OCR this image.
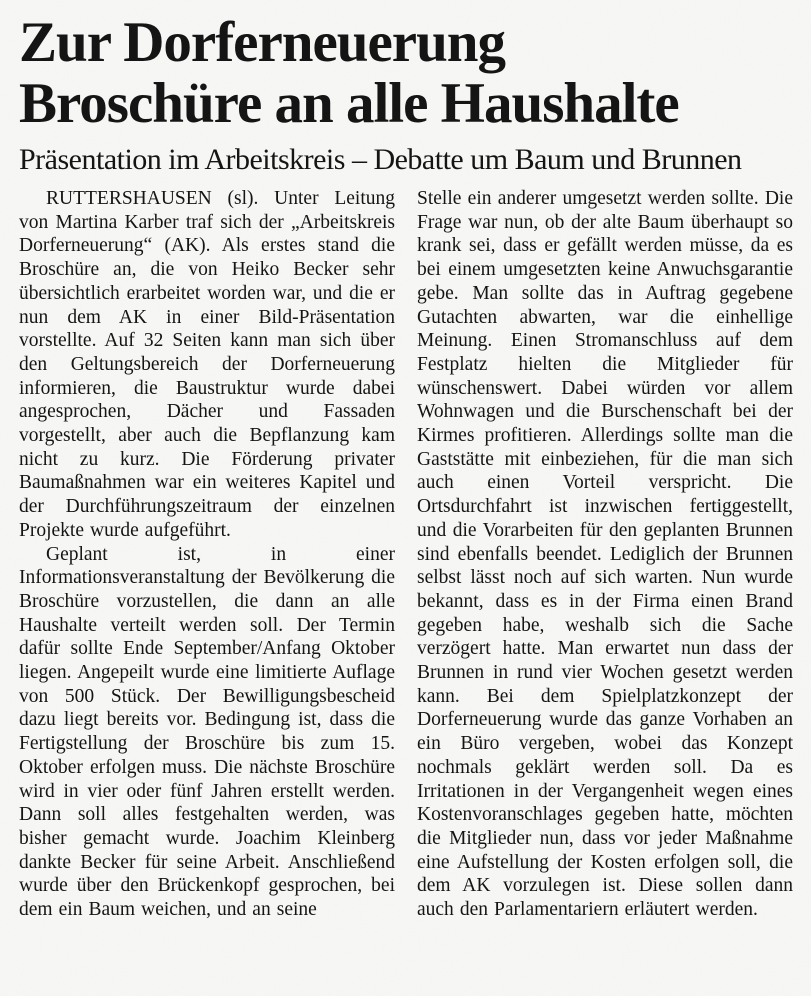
Zur Dorferneuerung
Broschüre an alle Haushalte
Präsentation im Arbeitskreis – Debatte um Baum und Brunnen

RUTTERSHAUSEN (sl). Unter Leitung von Martina Karber traf sich der „Arbeitskreis Dorferneuerung“ (AK). Als erstes stand die Broschüre an, die von Heiko Becker sehr übersichtlich erarbeitet worden war, und die er nun dem AK in einer Bild-Präsentation vorstellte. Auf 32 Seiten kann man sich über den Geltungsbereich der Dorferneuerung informieren, die Baustruktur wurde dabei angesprochen, Dächer und Fassaden vorgestellt, aber auch die Bepflanzung kam nicht zu kurz. Die Förderung privater Baumaßnahmen war ein weiteres Kapitel und der Durchführungszeitraum der einzelnen Projekte wurde aufgeführt.

Geplant ist, in einer Informationsveranstaltung der Bevölkerung die Broschüre vorzustellen, die dann an alle Haushalte verteilt werden soll. Der Termin dafür sollte Ende September/Anfang Oktober liegen. Angepeilt wurde eine limitierte Auflage von 500 Stück. Der Bewilligungsbescheid dazu liegt bereits vor. Bedingung ist, dass die Fertigstellung der Broschüre bis zum 15. Oktober erfolgen muss. Die nächste Broschüre wird in vier oder fünf Jahren erstellt werden. Dann soll alles festgehalten werden, was bisher gemacht wurde. Joachim Kleinberg dankte Becker für seine Arbeit. Anschließend wurde über den Brückenkopf gesprochen, bei dem ein Baum weichen, und an seine

Stelle ein anderer umgesetzt werden sollte. Die Frage war nun, ob der alte Baum überhaupt so krank sei, dass er gefällt werden müsse, da es bei einem umgesetzten keine Anwuchsgarantie gebe. Man sollte das in Auftrag gegebene Gutachten abwarten, war die einhellige Meinung. Einen Stromanschluss auf dem Festplatz hielten die Mitglieder für wünschenswert. Dabei würden vor allem Wohnwagen und die Burschenschaft bei der Kirmes profitieren. Allerdings sollte man die Gaststätte mit einbeziehen, für die man sich auch einen Vorteil verspricht. Die Ortsdurchfahrt ist inzwischen fertiggestellt, und die Vorarbeiten für den geplanten Brunnen sind ebenfalls beendet. Lediglich der Brunnen selbst lässt noch auf sich warten. Nun wurde bekannt, dass es in der Firma einen Brand gegeben habe, weshalb sich die Sache verzögert hatte. Man erwartet nun dass der Brunnen in rund vier Wochen gesetzt werden kann. Bei dem Spielplatzkonzept der Dorferneuerung wurde das ganze Vorhaben an ein Büro vergeben, wobei das Konzept nochmals geklärt werden soll. Da es Irritationen in der Vergangenheit wegen eines Kostenvoranschlages gegeben hatte, möchten die Mitglieder nun, dass vor jeder Maßnahme eine Aufstellung der Kosten erfolgen soll, die dem AK vorzulegen ist. Diese sollen dann auch den Parlamentariern erläutert werden.
